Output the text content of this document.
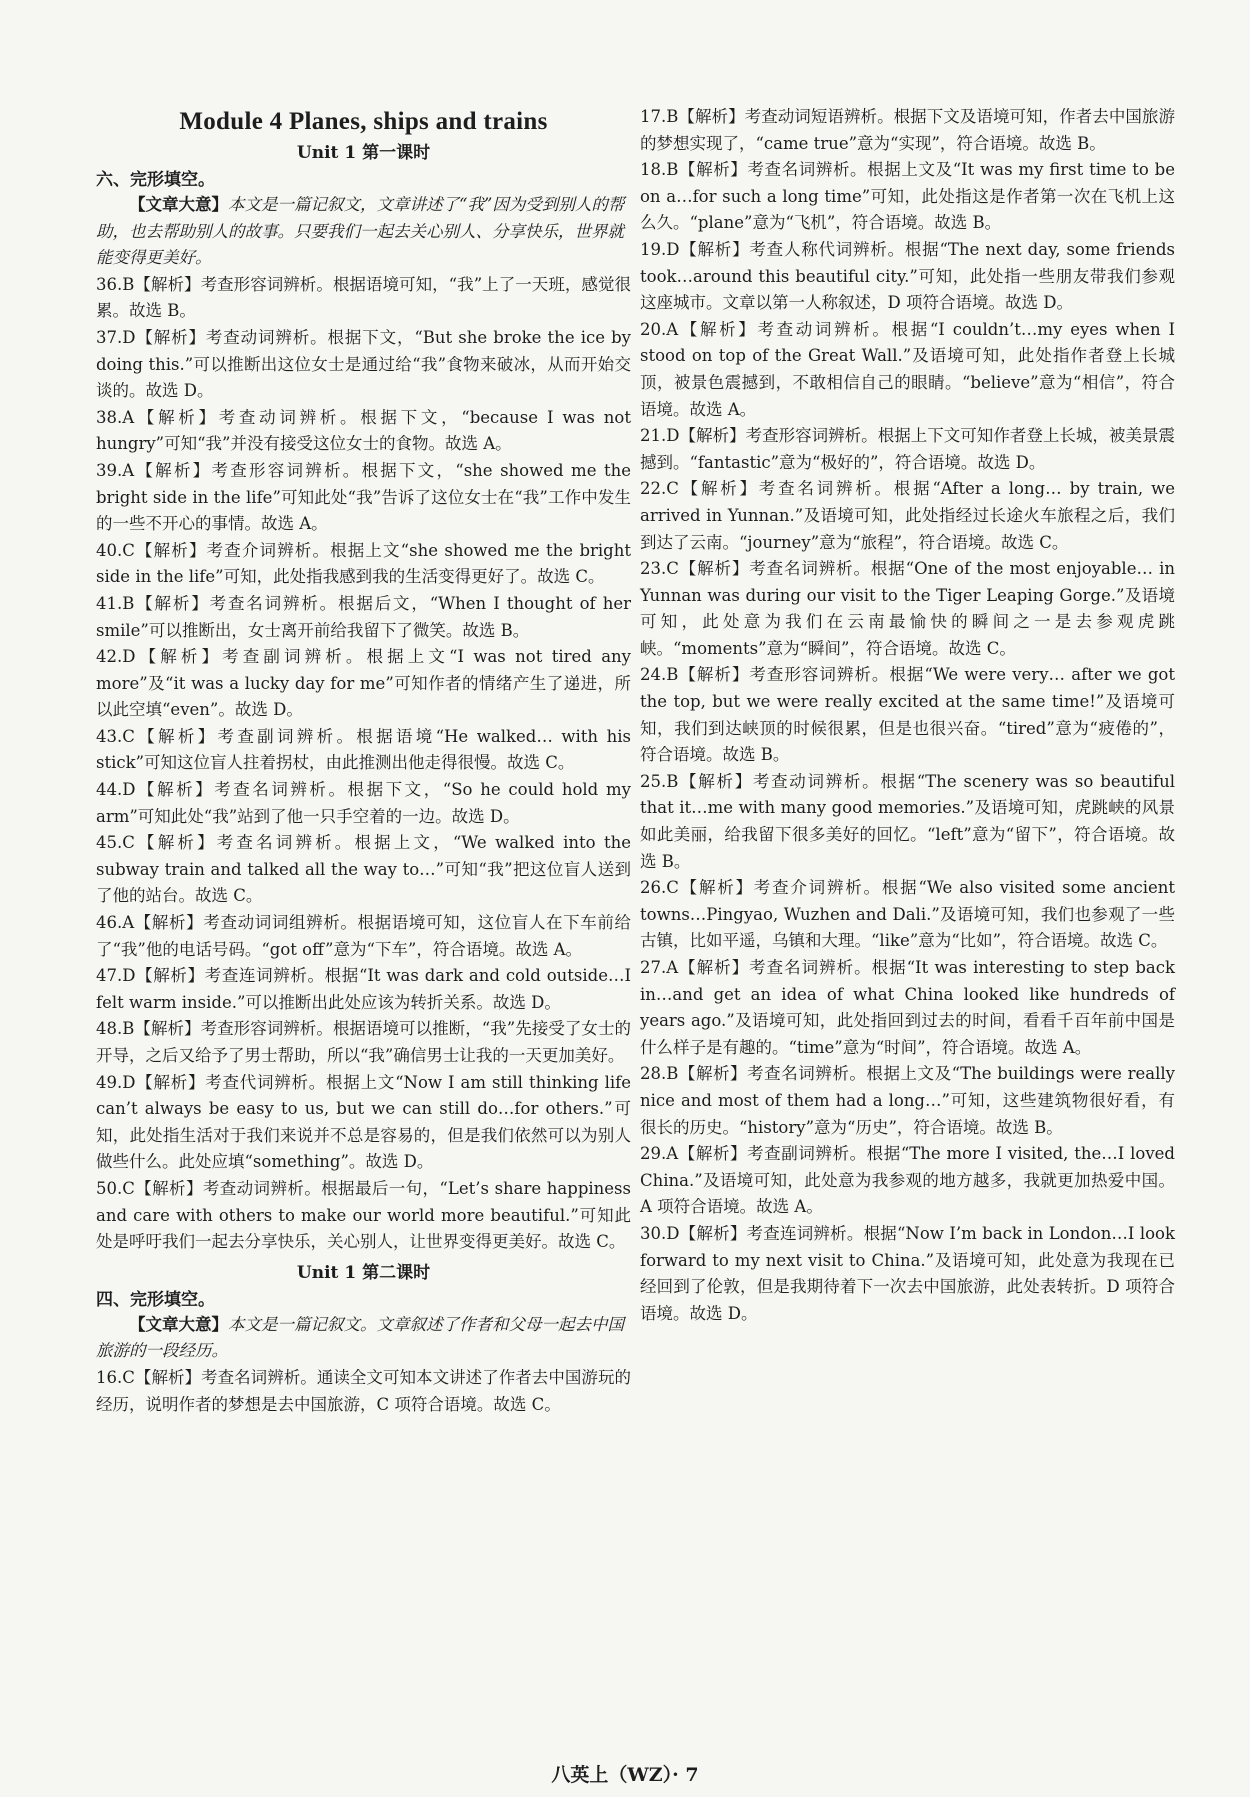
Module 4 Planes, ships and trains
Unit 1 第一课时
六、完形填空。

【文章大意】本文是一篇记叙文，文章讲述了“我”因为受到别人的帮助，也去帮助别人的故事。只要我们一起去关心别人、分享快乐，世界就能变得更美好。

36.B【解析】考查形容词辨析。根据语境可知，“我”上了一天班，感觉很累。故选 B。

37.D【解析】考查动词辨析。根据下文，“But she broke the ice by doing this.”可以推断出这位女士是通过给“我”食物来破冰，从而开始交谈的。故选 D。

38.A【解析】考查动词辨析。根据下文，“because I was not hungry”可知“我”并没有接受这位女士的食物。故选 A。

39.A【解析】考查形容词辨析。根据下文，“she showed me the bright side in the life”可知此处“我”告诉了这位女士在“我”工作中发生的一些不开心的事情。故选 A。

40.C【解析】考查介词辨析。根据上文“she showed me the bright side in the life”可知，此处指我感到我的生活变得更好了。故选 C。

41.B【解析】考查名词辨析。根据后文，“When I thought of her smile”可以推断出，女士离开前给我留下了微笑。故选 B。

42.D【解析】考查副词辨析。根据上文“I was not tired any more”及“it was a lucky day for me”可知作者的情绪产生了递进，所以此空填“even”。故选 D。

43.C【解析】考查副词辨析。根据语境“He walked… with his stick”可知这位盲人拄着拐杖，由此推测出他走得很慢。故选 C。

44.D【解析】考查名词辨析。根据下文，“So he could hold my arm”可知此处“我”站到了他一只手空着的一边。故选 D。

45.C【解析】考查名词辨析。根据上文，“We walked into the subway train and talked all the way to…”可知“我”把这位盲人送到了他的站台。故选 C。

46.A【解析】考查动词词组辨析。根据语境可知，这位盲人在下车前给了“我”他的电话号码。“got off”意为“下车”，符合语境。故选 A。

47.D【解析】考查连词辨析。根据“It was dark and cold outside…I felt warm inside.”可以推断出此处应该为转折关系。故选 D。

48.B【解析】考查形容词辨析。根据语境可以推断，“我”先接受了女士的开导，之后又给予了男士帮助，所以“我”确信男士让我的一天更加美好。

49.D【解析】考查代词辨析。根据上文“Now I am still thinking life can’t always be easy to us, but we can still do…for others.”可知，此处指生活对于我们来说并不总是容易的，但是我们依然可以为别人做些什么。此处应填“something”。故选 D。

50.C【解析】考查动词辨析。根据最后一句，“Let’s share happiness and care with others to make our world more beautiful.”可知此处是呼吁我们一起去分享快乐，关心别人，让世界变得更美好。故选 C。

Unit 1 第二课时
四、完形填空。

【文章大意】本文是一篇记叙文。文章叙述了作者和父母一起去中国旅游的一段经历。

16.C【解析】考查名词辨析。通读全文可知本文讲述了作者去中国游玩的经历，说明作者的梦想是去中国旅游，C 项符合语境。故选 C。

17.B【解析】考查动词短语辨析。根据下文及语境可知，作者去中国旅游的梦想实现了，“came true”意为“实现”，符合语境。故选 B。

18.B【解析】考查名词辨析。根据上文及“It was my first time to be on a…for such a long time”可知，此处指这是作者第一次在飞机上这么久。“plane”意为“飞机”，符合语境。故选 B。

19.D【解析】考查人称代词辨析。根据“The next day, some friends took…around this beautiful city.”可知，此处指一些朋友带我们参观这座城市。文章以第一人称叙述，D 项符合语境。故选 D。

20.A【解析】考查动词辨析。根据“I couldn’t…my eyes when I stood on top of the Great Wall.”及语境可知，此处指作者登上长城顶，被景色震撼到，不敢相信自己的眼睛。“believe”意为“相信”，符合语境。故选 A。

21.D【解析】考查形容词辨析。根据上下文可知作者登上长城，被美景震撼到。“fantastic”意为“极好的”，符合语境。故选 D。

22.C【解析】考查名词辨析。根据“After a long… by train, we arrived in Yunnan.”及语境可知，此处指经过长途火车旅程之后，我们到达了云南。“journey”意为“旅程”，符合语境。故选 C。

23.C【解析】考查名词辨析。根据“One of the most enjoyable… in Yunnan was during our visit to the Tiger Leaping Gorge.”及语境可知，此处意为我们在云南最愉快的瞬间之一是去参观虎跳峡。“moments”意为“瞬间”，符合语境。故选 C。

24.B【解析】考查形容词辨析。根据“We were very… after we got the top, but we were really excited at the same time!”及语境可知，我们到达峡顶的时候很累，但是也很兴奋。“tired”意为“疲倦的”，符合语境。故选 B。

25.B【解析】考查动词辨析。根据“The scenery was so beautiful that it…me with many good memories.”及语境可知，虎跳峡的风景如此美丽，给我留下很多美好的回忆。“left”意为“留下”，符合语境。故选 B。

26.C【解析】考查介词辨析。根据“We also visited some ancient towns…Pingyao, Wuzhen and Dali.”及语境可知，我们也参观了一些古镇，比如平遥，乌镇和大理。“like”意为“比如”，符合语境。故选 C。

27.A【解析】考查名词辨析。根据“It was interesting to step back in…and get an idea of what China looked like hundreds of years ago.”及语境可知，此处指回到过去的时间，看看千百年前中国是什么样子是有趣的。“time”意为“时间”，符合语境。故选 A。

28.B【解析】考查名词辨析。根据上文及“The buildings were really nice and most of them had a long…”可知，这些建筑物很好看，有很长的历史。“history”意为“历史”，符合语境。故选 B。

29.A【解析】考查副词辨析。根据“The more I visited, the…I loved China.”及语境可知，此处意为我参观的地方越多，我就更加热爱中国。A 项符合语境。故选 A。

30.D【解析】考查连词辨析。根据“Now I’m back in London…I look forward to my next visit to China.”及语境可知，此处意为我现在已经回到了伦敦，但是我期待着下一次去中国旅游，此处表转折。D 项符合语境。故选 D。

八英上（WZ）· 7
